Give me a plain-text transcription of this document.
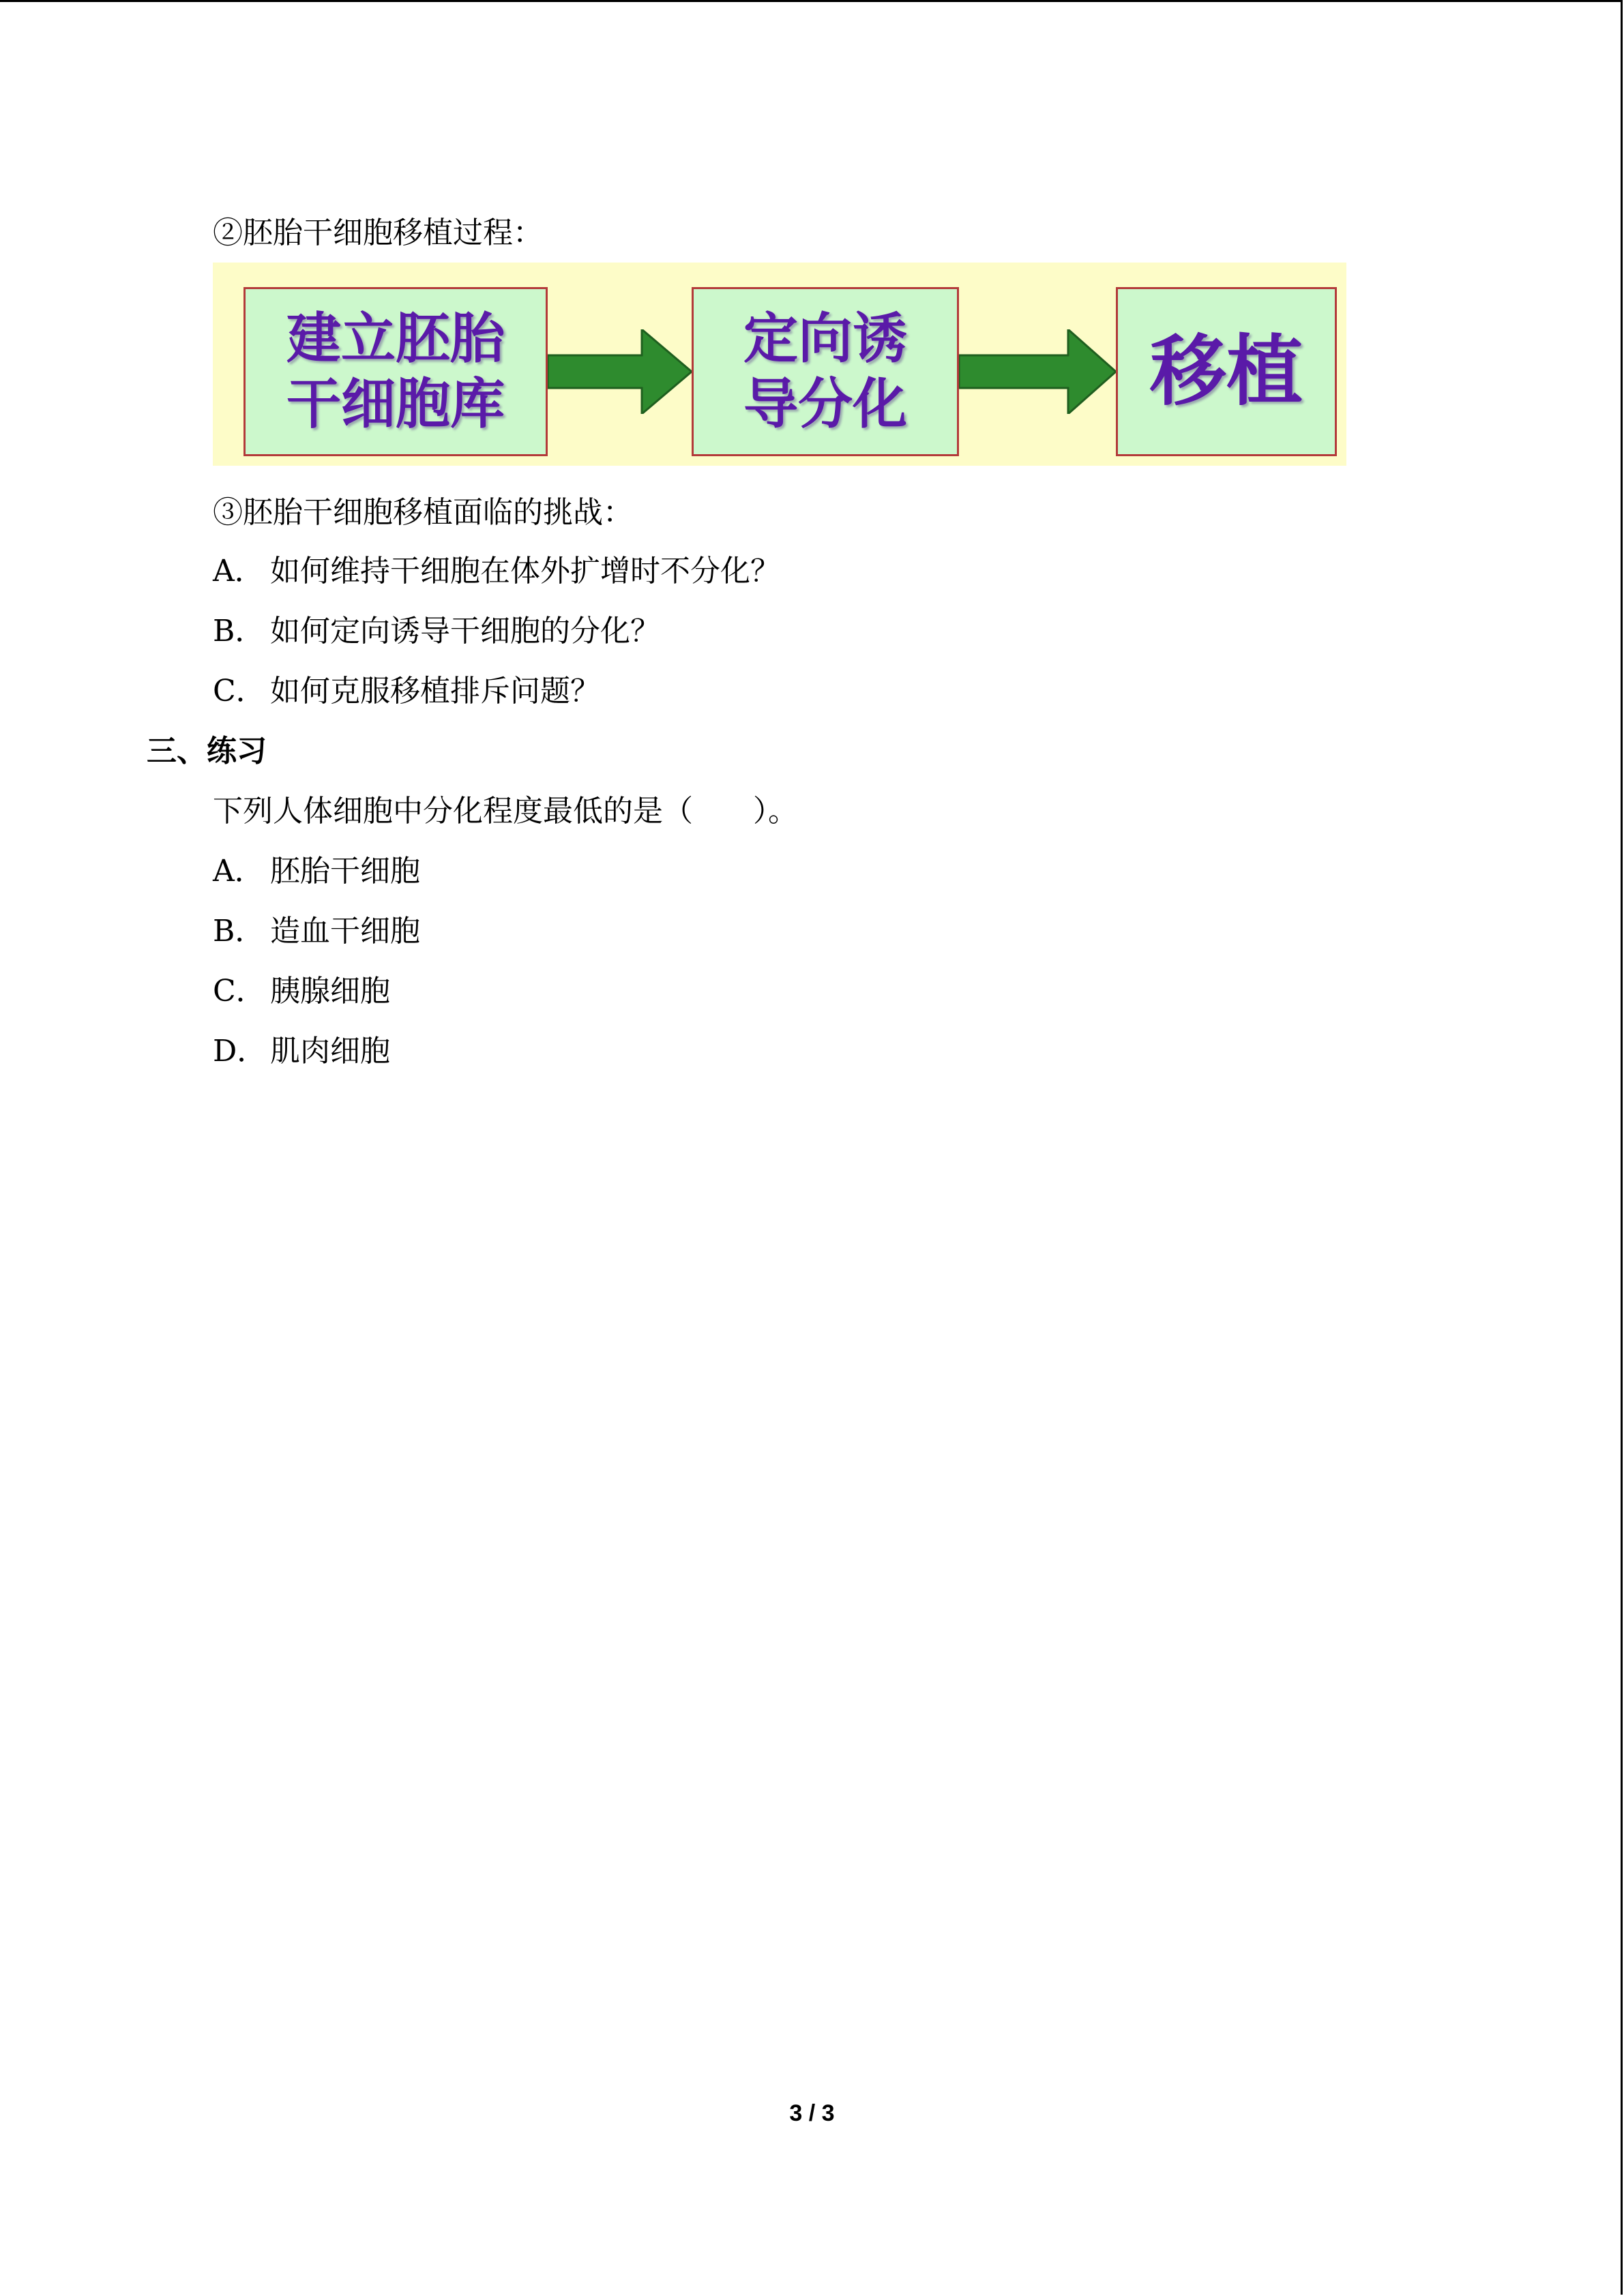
②胚胎干细胞移植过程：
建立胚胎
干细胞库
定向诱
导分化	移植
③胚胎干细胞移植面临的挑战：
A． 如何维持干细胞在体外扩增时不分化？
B． 如何定向诱导干细胞的分化？
C． 如何克服移植排斥问题？
三、练习
下列人体细胞中分化程度最低的是（　　）。
A． 胚胎干细胞
B． 造血干细胞
C． 胰腺细胞
D． 肌肉细胞
3 / 3
